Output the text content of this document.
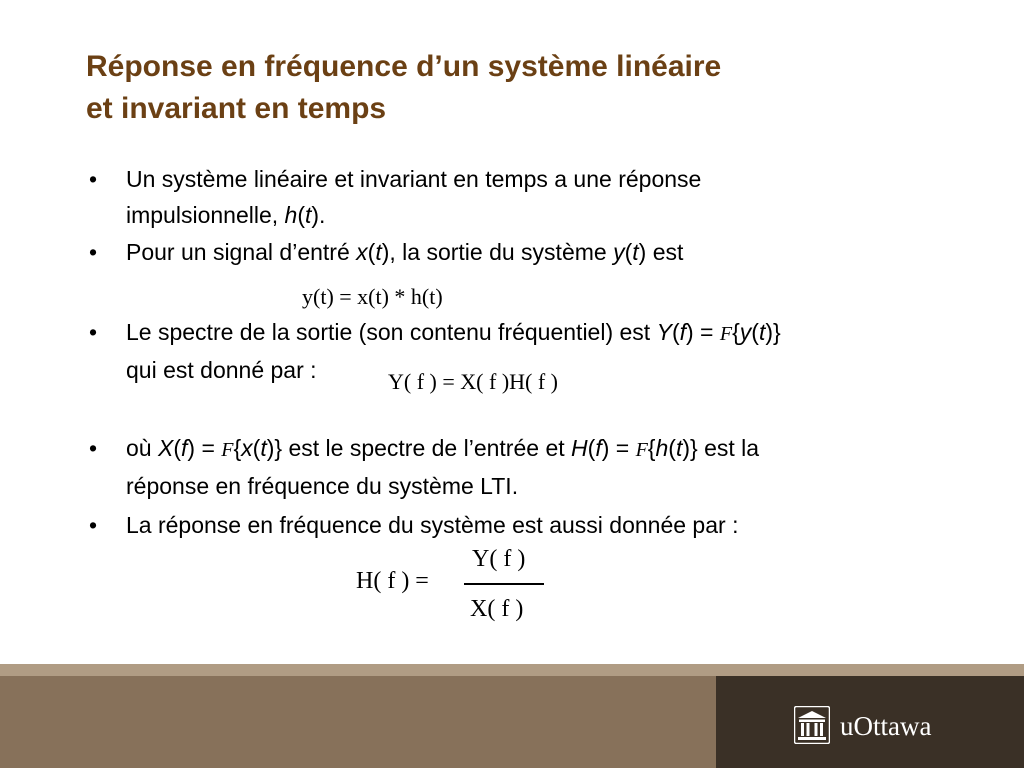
Réponse en fréquence d’un système linéaire
et invariant en temps
• Un système linéaire et invariant en temps a une réponse
impulsionnelle, h(t).
• Pour un signal d’entré x(t), la sortie du système y(t) est
y(t) = x(t) * h(t)
• Le spectre de la sortie (son contenu fréquentiel) est Y(f) = F{y(t)}
qui est donné par :	Y( f ) = X( f )H( f )
• où X(f) = F{x(t)} est le spectre de l’entrée et H(f) = F{h(t)} est la
réponse en fréquence du système LTI.
• La réponse en fréquence du système est aussi donnée par :
H( f ) =
Y( f )
X( f )
uOttawa
